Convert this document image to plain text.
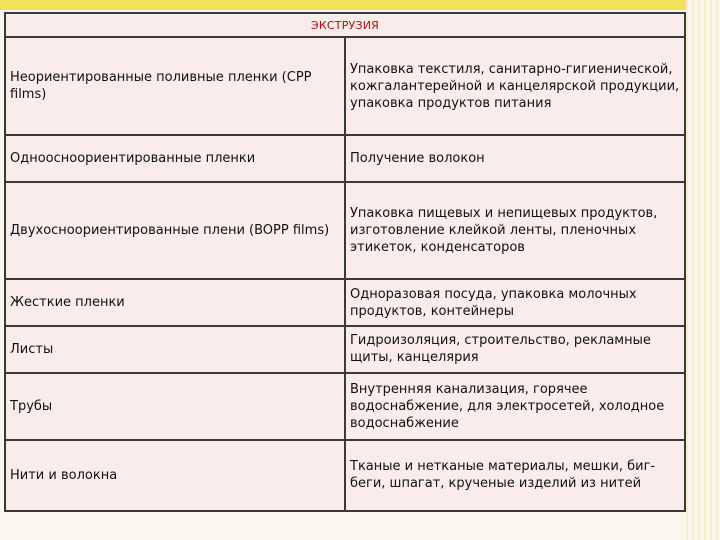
ЭКСТРУЗИЯ	
Неориентированные поливные пленки (CPP films)	Упаковка текстиля, санитарно-гигиенической, кожгалантерейной и канцелярской продукции, упаковка продуктов питания
Одноосноориентированные пленки	Получение волокон
Двухосноориентированные плени (BOPP films)	Упаковка пищевых и непищевых продуктов, изготовление клейкой ленты, пленочных этикеток, конденсаторов
Жесткие пленки	Одноразовая посуда, упаковка молочных продуктов, контейнеры
Листы	Гидроизоляция, строительство, рекламные щиты, канцелярия
Трубы	Внутренняя канализация, горячее водоснабжение, для электросетей, холодное водоснабжение
Нити и волокна	Тканые и нетканые материалы, мешки, биг-беги, шпагат, крученые изделий из нитей
